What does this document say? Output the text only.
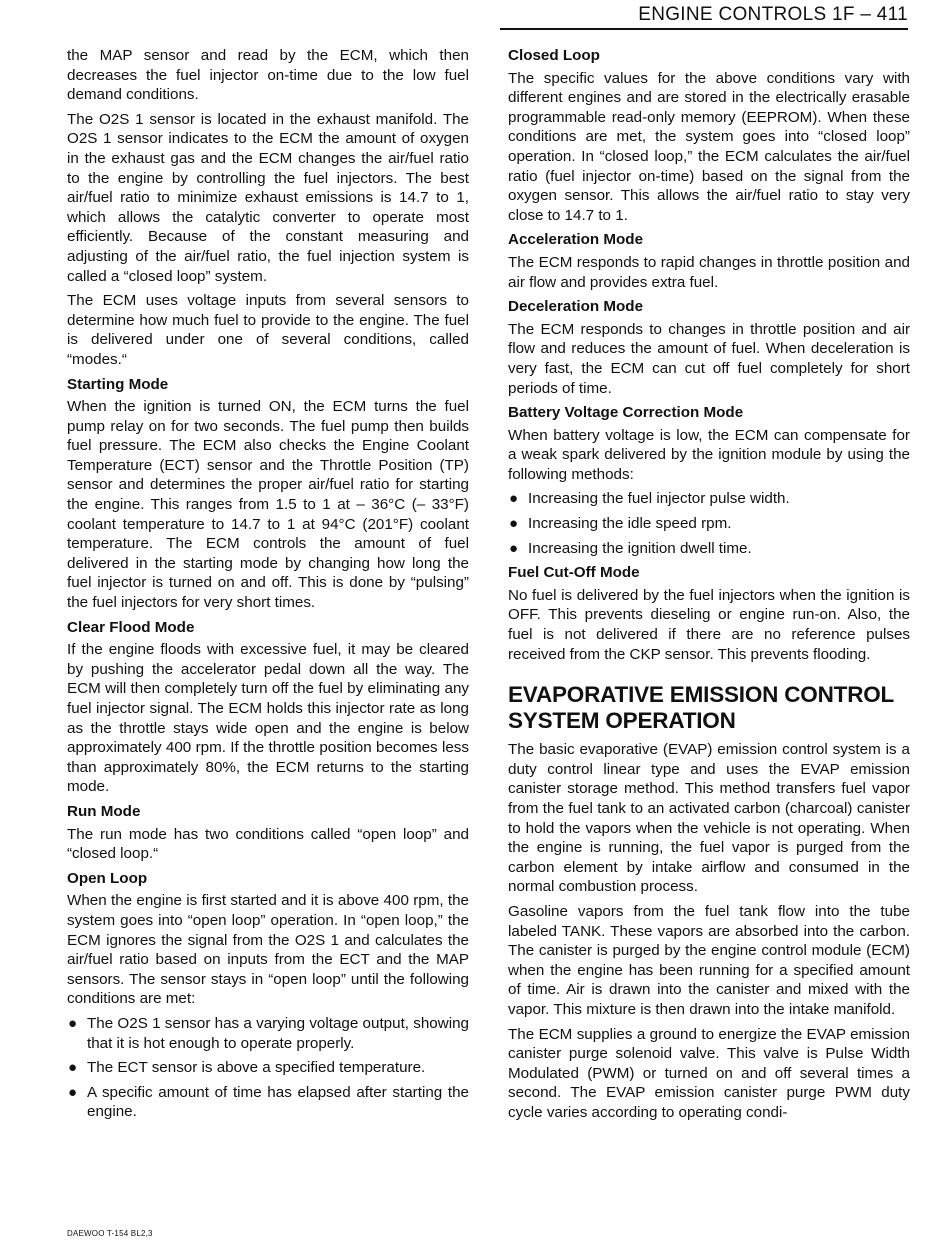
ENGINE CONTROLS 1F – 411

the MAP sensor and read by the ECM, which then decreases the fuel injector on-time due to the low fuel demand conditions.

The O2S 1 sensor is located in the exhaust manifold. The O2S 1 sensor indicates to the ECM the amount of oxygen in the exhaust gas and the ECM changes the air/fuel ratio to the engine by controlling the fuel injectors. The best air/fuel ratio to minimize exhaust emissions is 14.7 to 1, which allows the catalytic converter to operate most efficiently. Because of the constant measuring and adjusting of the air/fuel ratio, the fuel injection system is called a “closed loop” system.

The ECM uses voltage inputs from several sensors to determine how much fuel to provide to the engine. The fuel is delivered under one of several conditions, called “modes.“

Starting Mode

When the ignition is turned ON, the ECM turns the fuel pump relay on for two seconds. The fuel pump then builds fuel pressure. The ECM also checks the Engine Coolant Temperature (ECT) sensor and the Throttle Position (TP) sensor and determines the proper air/fuel ratio for starting the engine. This ranges from 1.5 to 1 at – 36°C (– 33°F) coolant temperature to 14.7 to 1 at 94°C (201°F) coolant temperature. The ECM controls the amount of fuel delivered in the starting mode by changing how long the fuel injector is turned on and off. This is done by “pulsing” the fuel injectors for very short times.

Clear Flood Mode

If the engine floods with excessive fuel, it may be cleared by pushing the accelerator pedal down all the way. The ECM will then completely turn off the fuel by eliminating any fuel injector signal. The ECM holds this injector rate as long as the throttle stays wide open and the engine is below approximately 400 rpm. If the throttle position becomes less than approximately 80%, the ECM returns to the starting mode.

Run Mode

The run mode has two conditions called “open loop” and “closed loop.“

Open Loop

When the engine is first started and it is above 400 rpm, the system goes into “open loop” operation. In “open loop,” the ECM ignores the signal from the O2S 1 and calculates the air/fuel ratio based on inputs from the ECT and the MAP sensors. The sensor stays in “open loop” until the following conditions are met:

● The O2S 1 sensor has a varying voltage output, showing that it is hot enough to operate properly.
● The ECT sensor is above a specified temperature.
● A specific amount of time has elapsed after starting the engine.
Closed Loop

The specific values for the above conditions vary with different engines and are stored in the electrically erasable programmable read-only memory (EEPROM). When these conditions are met, the system goes into “closed loop” operation. In “closed loop,” the ECM calculates the air/fuel ratio (fuel injector on-time) based on the signal from the oxygen sensor. This allows the air/fuel ratio to stay very close to 14.7 to 1.

Acceleration Mode

The ECM responds to rapid changes in throttle position and air flow and provides extra fuel.

Deceleration Mode

The ECM responds to changes in throttle position and air flow and reduces the amount of fuel. When deceleration is very fast, the ECM can cut off fuel completely for short periods of time.

Battery Voltage Correction Mode

When battery voltage is low, the ECM can compensate for a weak spark delivered by the ignition module by using the following methods:

● Increasing the fuel injector pulse width.
● Increasing the idle speed rpm.
● Increasing the ignition dwell time.
Fuel Cut-Off Mode

No fuel is delivered by the fuel injectors when the ignition is OFF. This prevents dieseling or engine run-on. Also, the fuel is not delivered if there are no reference pulses received from the CKP sensor. This prevents flooding.

EVAPORATIVE EMISSION CONTROL SYSTEM OPERATION

The basic evaporative (EVAP) emission control system is a duty control linear type and uses the EVAP emission canister storage method. This method transfers fuel vapor from the fuel tank to an activated carbon (charcoal) canister to hold the vapors when the vehicle is not operating. When the engine is running, the fuel vapor is purged from the carbon element by intake airflow and consumed in the normal combustion process.

Gasoline vapors from the fuel tank flow into the tube labeled TANK. These vapors are absorbed into the carbon. The canister is purged by the engine control module (ECM) when the engine has been running for a specified amount of time. Air is drawn into the canister and mixed with the vapor. This mixture is then drawn into the intake manifold.

The ECM supplies a ground to energize the EVAP emission canister purge solenoid valve. This valve is Pulse Width Modulated (PWM) or turned on and off several times a second. The EVAP emission canister purge PWM duty cycle varies according to operating condi-

DAEWOO T-154 BL2,3
